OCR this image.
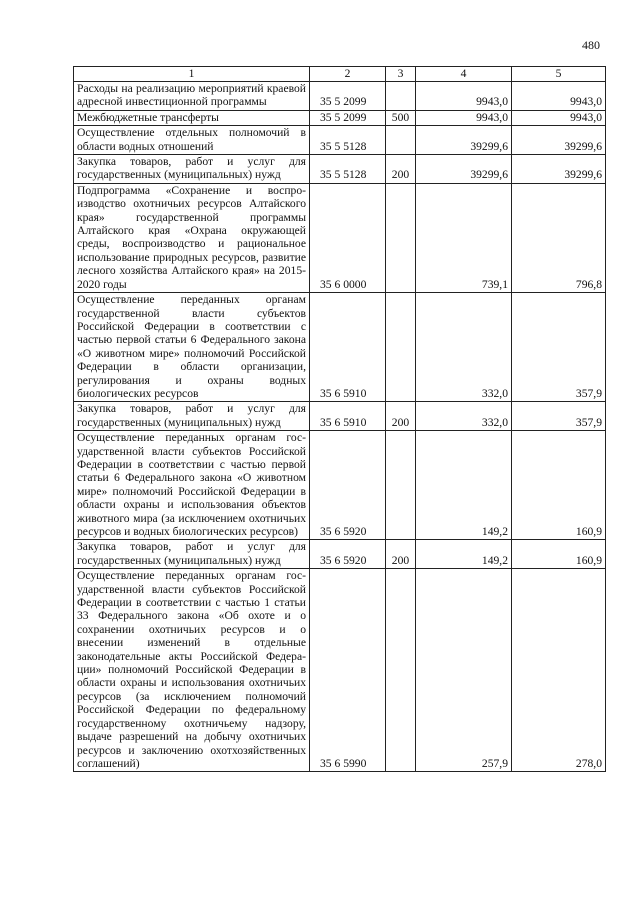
480
1	2	3	4	5
Расходы на реализацию мероприятий краевой адресной инвестиционной программы	35 5 2099		9943,0	9943,0
Межбюджетные трансферты	35 5 2099	500	9943,0	9943,0
Осуществление отдельных полномочий в области водных отношений	35 5 5128		39299,6	39299,6
Закупка товаров, работ и услуг для государственных (муниципальных) нужд	35 5 5128	200	39299,6	39299,6
Подпрограмма «Сохранение и воспроизводство охотничьих ресурсов Алтайского края» государственной программы Алтайского края «Охрана окружающей среды, воспроизводство и рациональное использование природных ресурсов, развитие лесного хозяйства Алтайского края» на 2015-2020 годы	35 6 0000		739,1	796,8
Осуществление переданных органам государственной власти субъектов Российской Федерации в соответствии с частью первой статьи 6 Федерального закона «О животном мире» полномочий Российской Федерации в области организации, регулирования и охраны водных биологических ресурсов	35 6 5910		332,0	357,9
Закупка товаров, работ и услуг для государственных (муниципальных) нужд	35 6 5910	200	332,0	357,9
Осуществление переданных органам государственной власти субъектов Российской Федерации в соответствии с частью первой статьи 6 Федерального закона «О животном мире» полномочий Российской Федерации в области охраны и использования объектов животного мира (за исключением охотничьих ресурсов и водных биологических ресурсов)	35 6 5920		149,2	160,9
Закупка товаров, работ и услуг для государственных (муниципальных) нужд	35 6 5920	200	149,2	160,9
Осуществление переданных органам государственной власти субъектов Российской Федерации в соответствии с частью 1 статьи 33 Федерального закона «Об охоте и о сохранении охотничьих ресурсов и о внесении изменений в отдельные законодательные акты Российской Федерации» полномочий Российской Федерации в области охраны и использования охотничьих ресурсов (за исключением полномочий Российской Федерации по федеральному государственному охотничьему надзору, выдаче разрешений на добычу охотничьих ресурсов и заключению охотхозяйственных соглашений)	35 6 5990		257,9	278,0
